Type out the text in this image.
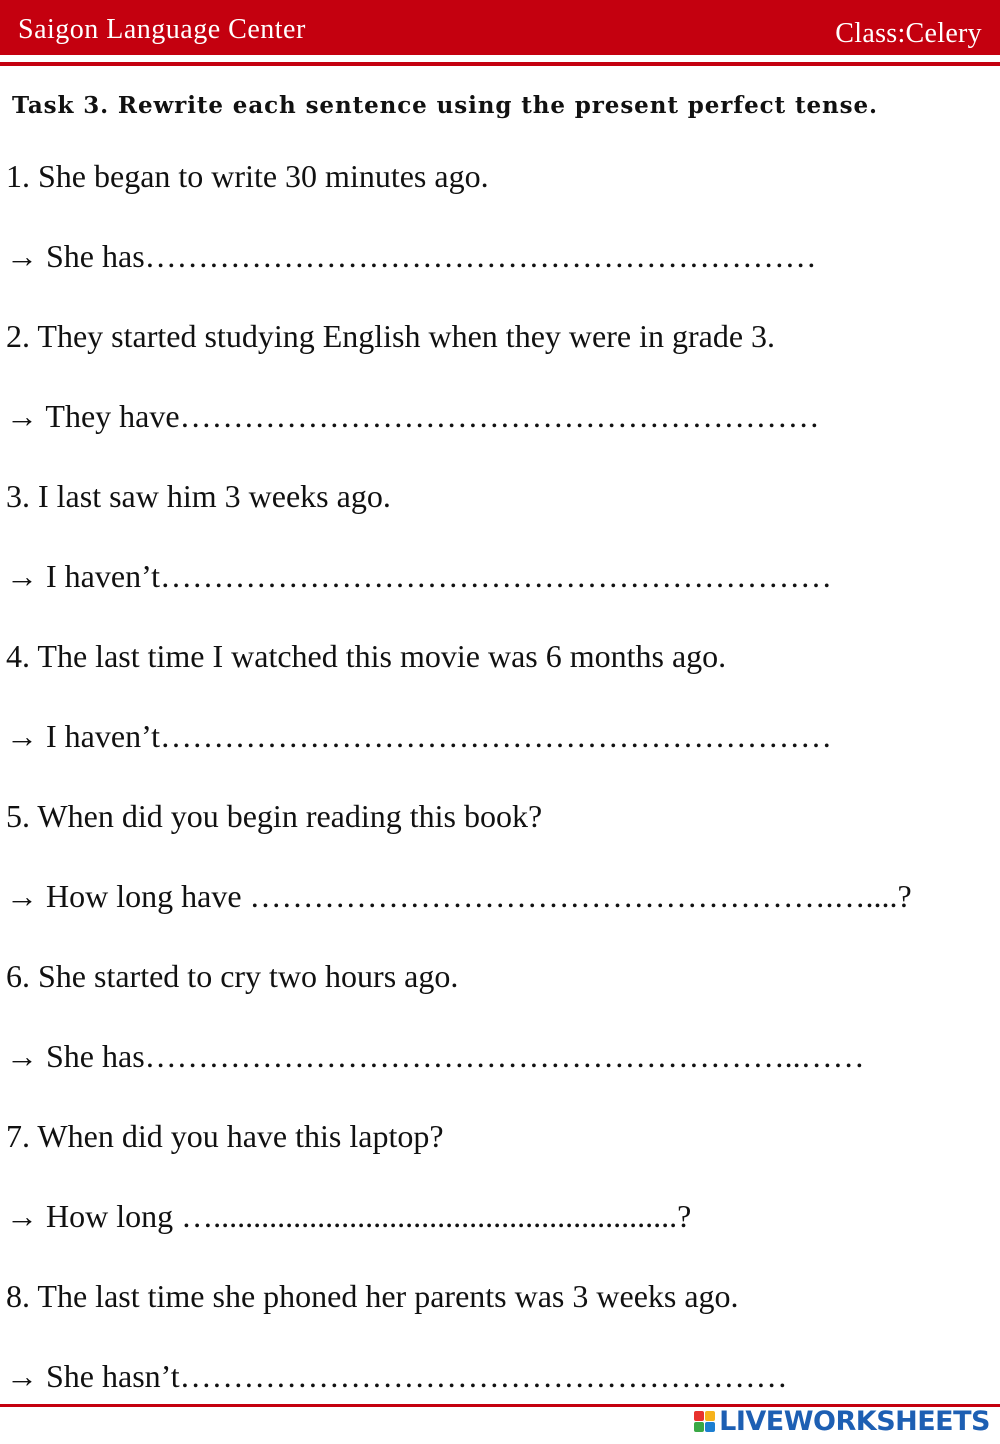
Saigon Language Center	Class:Celery
Task 3. Rewrite each sentence using the present perfect tense.
1. She began to write 30 minutes ago.
→ She has………………………………………………………
2. They started studying English when they were in grade 3.
→ They have……………………………………………………
3. I last saw him 3 weeks ago.
→ I haven’t………………………………………………………
4. The last time I watched this movie was 6 months ago.
→ I haven’t………………………………………………………
5. When did you begin reading this book?
→ How long have ……………………………………………….…....?
6. She started to cry two hours ago.
→ She has……………………………………………………..……
7. When did you have this laptop?
→ How long …..........................................................?
8. The last time she phoned her parents was 3 weeks ago.
→ She hasn’t…………………………………………………
LIVEWORKSHEETS
